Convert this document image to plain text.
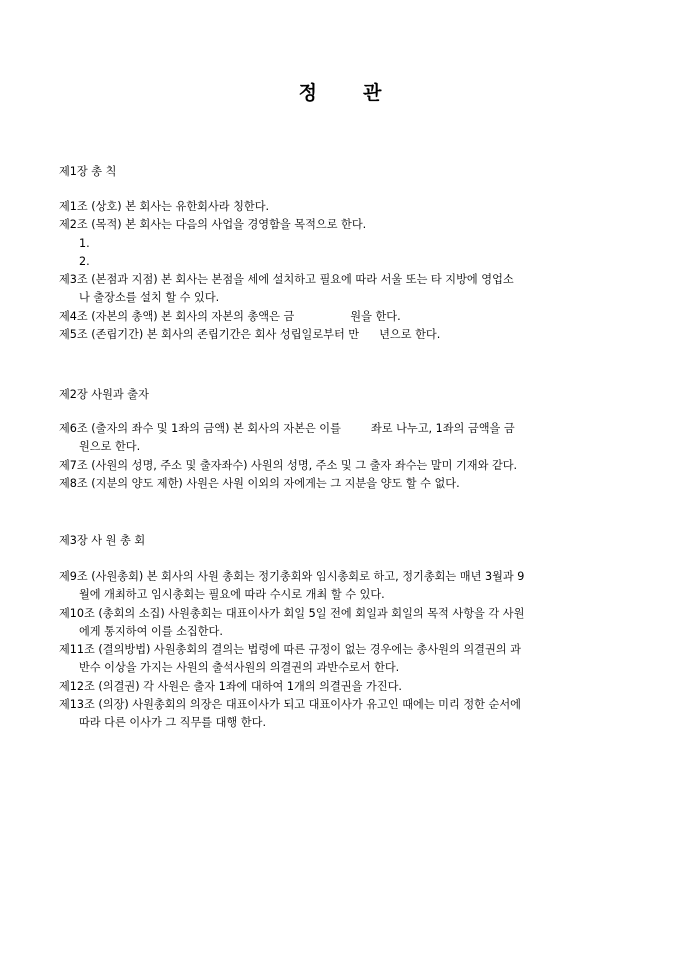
정 관

제1장 총 칙

제1조 (상호) 본 회사는 유한회사라 칭한다.

제2조 (목적) 본 회사는 다음의 사업을 경영함을 목적으로 한다.

1.

2.

제3조 (본점과 지점) 본 회사는 본점을 세에 설치하고 필요에 따라 서울 또는 타 지방에 영업소
나 출장소를 설치 할 수 있다.

제4조 (자본의 총액) 본 회사의 자본의 총액은 금	원을 한다.

제5조 (존립기간) 본 회사의 존립기간은 회사 성립일로부터 만 년으로 한다.

제2장 사원과 출자

제6조 (출자의 좌수 및 1좌의 금액) 본 회사의 자본은 이를	좌로 나누고, 1좌의 금액을 금
원으로 한다.

제7조 (사원의 성명, 주소 및 출자좌수) 사원의 성명, 주소 및 그 출자 좌수는 말미 기재와 같다.

제8조 (지분의 양도 제한) 사원은 사원 이외의 자에게는 그 지분을 양도 할 수 없다.

제3장 사 원 총 회

제9조 (사원총회) 본 회사의 사원 총회는 정기총회와 임시총회로 하고, 정기총회는 매년 3월과 9
월에 개최하고 임시총회는 필요에 따라 수시로 개최 할 수 있다.
제10조 (총회의 소집) 사원총회는 대표이사가 회일 5일 전에 회일과 회일의 목적 사항을 각 사원
에게 통지하여 이를 소집한다.
제11조 (결의방법) 사원총회의 결의는 법령에 따른 규정이 없는 경우에는 총사원의 의결권의 과
반수 이상을 가지는 사원의 출석사원의 의결권의 과반수로서 한다.

제12조 (의결권) 각 사원은 출자 1좌에 대하여 1개의 의결권을 가진다.

제13조 (의장) 사원총회의 의장은 대표이사가 되고 대표이사가 유고인 때에는 미리 정한 순서에
따라 다른 이사가 그 직무를 대행 한다.
